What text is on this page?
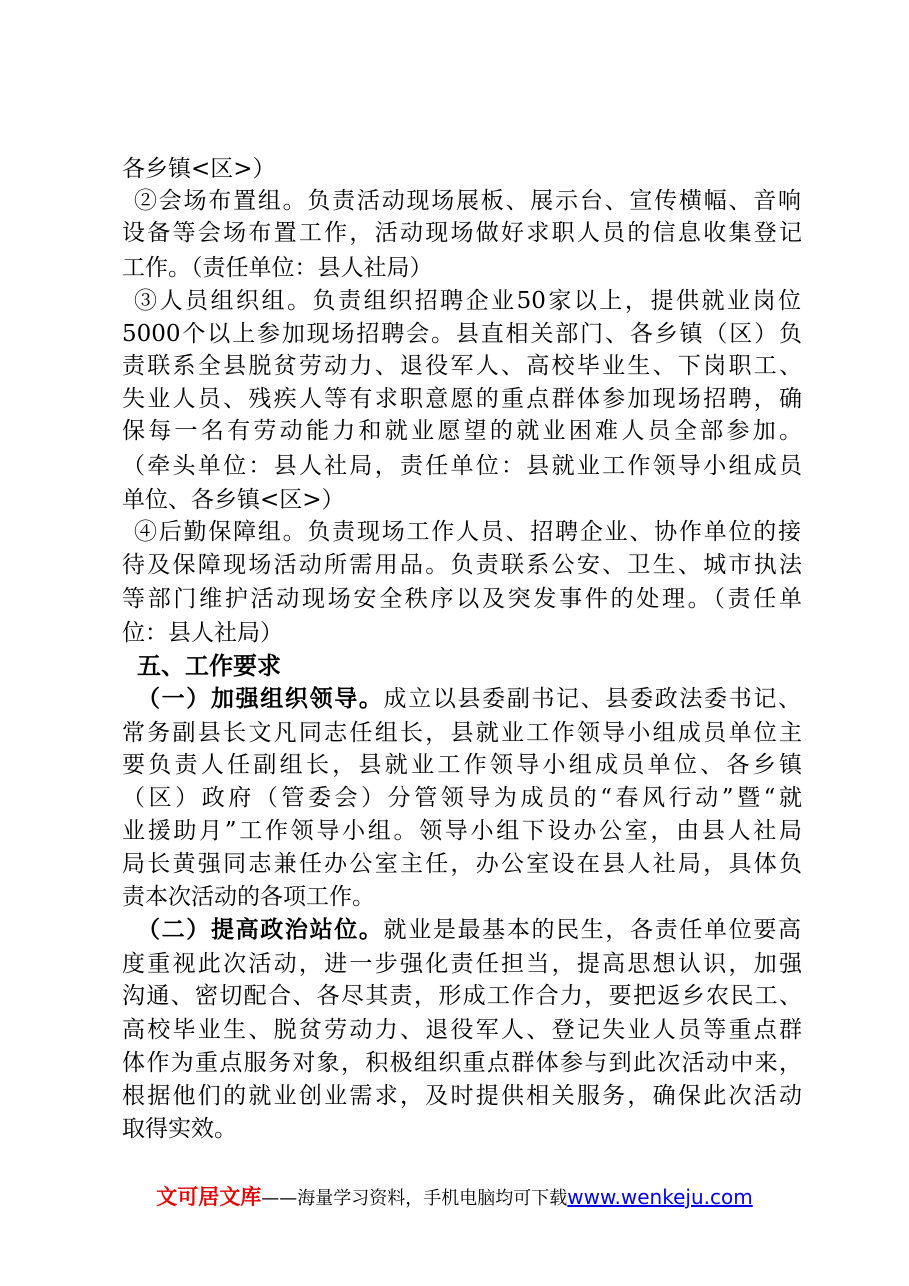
各乡镇<区>）
②会场布置组。负责活动现场展板、展示台、宣传横幅、音响
设备等会场布置工作，活动现场做好求职人员的信息收集登记
工作。（责任单位：县人社局）
③人员组织组。负责组织招聘企业50家以上，提供就业岗位
5000个以上参加现场招聘会。县直相关部门、各乡镇（区）负
责联系全县脱贫劳动力、退役军人、高校毕业生、下岗职工、
失业人员、残疾人等有求职意愿的重点群体参加现场招聘，确
保每一名有劳动能力和就业愿望的就业困难人员全部参加。
（牵头单位：县人社局，责任单位：县就业工作领导小组成员
单位、各乡镇<区>）
④后勤保障组。负责现场工作人员、招聘企业、协作单位的接
待及保障现场活动所需用品。负责联系公安、卫生、城市执法
等部门维护活动现场安全秩序以及突发事件的处理。（责任单
位：县人社局）
五、工作要求
（一）加强组织领导。成立以县委副书记、县委政法委书记、
常务副县长文凡同志任组长，县就业工作领导小组成员单位主
要负责人任副组长，县就业工作领导小组成员单位、各乡镇
（区）政府（管委会）分管领导为成员的“春风行动”暨“就
业援助月”工作领导小组。领导小组下设办公室，由县人社局
局长黄强同志兼任办公室主任，办公室设在县人社局，具体负
责本次活动的各项工作。
（二）提高政治站位。就业是最基本的民生，各责任单位要高
度重视此次活动，进一步强化责任担当，提高思想认识，加强
沟通、密切配合、各尽其责，形成工作合力，要把返乡农民工、
高校毕业生、脱贫劳动力、退役军人、登记失业人员等重点群
体作为重点服务对象，积极组织重点群体参与到此次活动中来，
根据他们的就业创业需求，及时提供相关服务，确保此次活动
取得实效。
文可居文库——海量学习资料，手机电脑均可下载www.wenkeju.com
